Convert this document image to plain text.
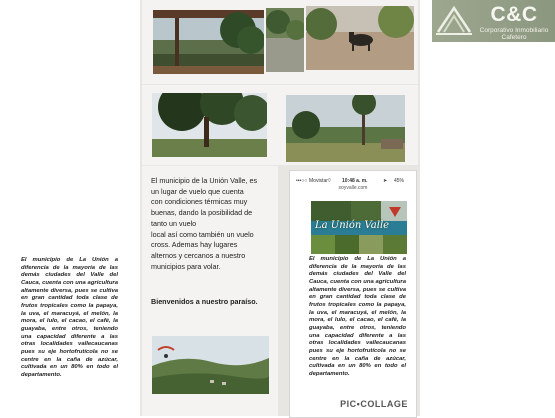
El municipio de la Unión Valle, es

un lugar de vuelo que cuenta

con condiciones térmicas muy

buenas, dando la posibilidad de

tanto un vuelo

local así como también un vuelo

cross. Ademas hay lugares

alternos y cercanos a nuestro

municipios para volar.

Bienvenidos a nuestro paraíso.
•••○○ Movistar ⌔ 10:48 a. m.	➤ 45%
soyvalle.com
La Unión Valle
El municipio de La Unión a diferencia de la mayoría de las demás ciudades del Valle del Cauca, cuenta con una agricultura altamente diversa, pues se cultiva en gran cantidad toda clase de frutos tropicales como la papaya, la uva, el maracuyá, el melón, la mora, el lulo, el cacao, el café, la guayaba, entre otros, teniendo una capacidad diferente a las otras localidades vallecaucanas pues su eje hortofrutícola no se centre en la caña de azúcar, cultivada en un 80% en todo el departamento.
El municipio de La Unión a diferencia de la mayoría de las demás ciudades del Valle del Cauca, cuenta con una agricultura altamente diversa, pues se cultiva en gran cantidad toda clase de frutos tropicales como la papaya, la uva, el maracuyá, el melón, la mora, el lulo, el cacao, el café, la guayaba, entre otros, teniendo una capacidad diferente a las otras localidades vallecaucanas pues su eje hortofrutícola no se centre en la caña de azúcar, cultivada en un 80% en todo el departamento.
PIC•COLLAGE
C&C
Corporativo Inmobiliario
Cafetero
